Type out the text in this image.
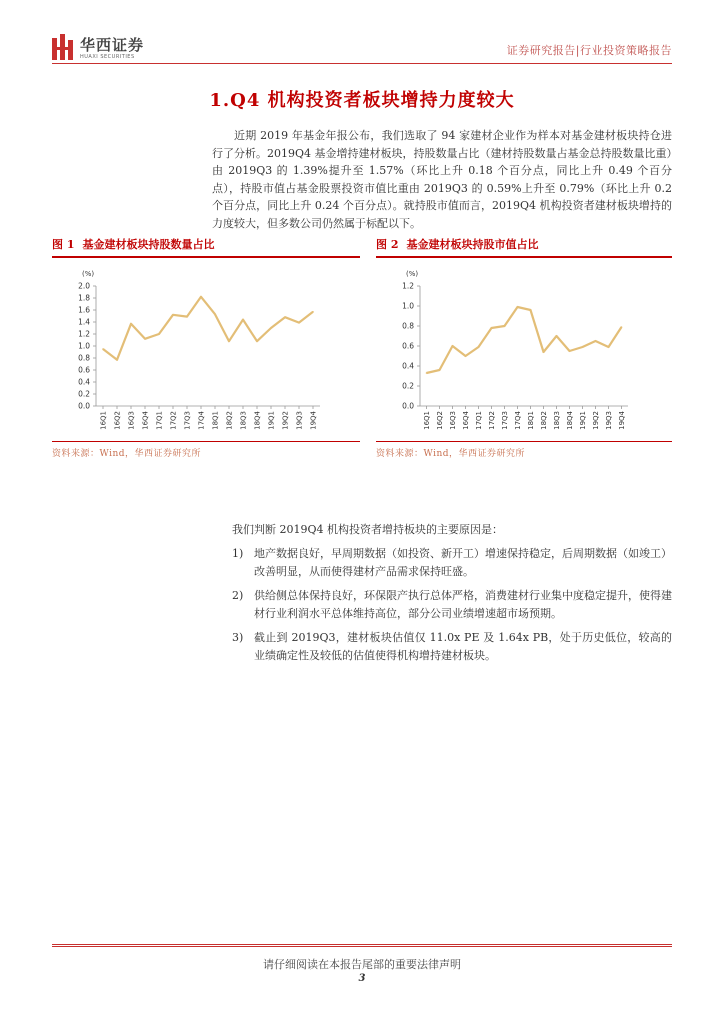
华西证券
HUAXI SECURITIES	证券研究报告|行业投资策略报告
1.Q4 机构投资者板块增持力度较大

近期 2019 年基金年报公布，我们选取了 94 家建材企业作为样本对基金建材板块持仓进行了分析。2019Q4 基金增持建材板块，持股数量占比（建材持股数量占基金总持股数量比重）由 2019Q3 的 1.39%提升至 1.57%（环比上升 0.18 个百分点，同比上升 0.49 个百分点），持股市值占基金股票投资市值比重由 2019Q3 的 0.59%上升至 0.79%（环比上升 0.2 个百分点，同比上升 0.24 个百分点）。就持股市值而言，2019Q4 机构投资者建材板块增持的力度较大，但多数公司仍然属于标配以下。

图 1 基金建材板块持股数量占比
(%)
0.0
0.2
0.4
0.6
0.8
1.0
1.2
1.4
1.6
1.8
2.0
16Q1 16Q2 16Q3 16Q4 17Q1 17Q2 17Q3 17Q4 18Q1 18Q2 18Q3 18Q4 19Q1 19Q2 19Q3 19Q4
资料来源：Wind，华西证券研究所
图 2 基金建材板块持股市值占比
(%)
0.0
0.2
0.4
0.6
0.8
1.0
1.2
16Q1 16Q2 16Q3 16Q4 17Q1 17Q2 17Q3 17Q4 18Q1 18Q2 18Q3 18Q4 19Q1 19Q2 19Q3 19Q4
资料来源：Wind，华西证券研究所

我们判断 2019Q4 机构投资者增持板块的主要原因是：

1) 地产数据良好，早周期数据（如投资、新开工）增速保持稳定，后周期数据（如竣工）改善明显，从而使得建材产品需求保持旺盛。
2) 供给侧总体保持良好，环保限产执行总体严格，消费建材行业集中度稳定提升，使得建材行业利润水平总体维持高位，部分公司业绩增速超市场预期。
3) 截止到 2019Q3，建材板块估值仅 11.0x PE 及 1.64x PB，处于历史低位，较高的业绩确定性及较低的估值使得机构增持建材板块。
请仔细阅读在本报告尾部的重要法律声明
3
